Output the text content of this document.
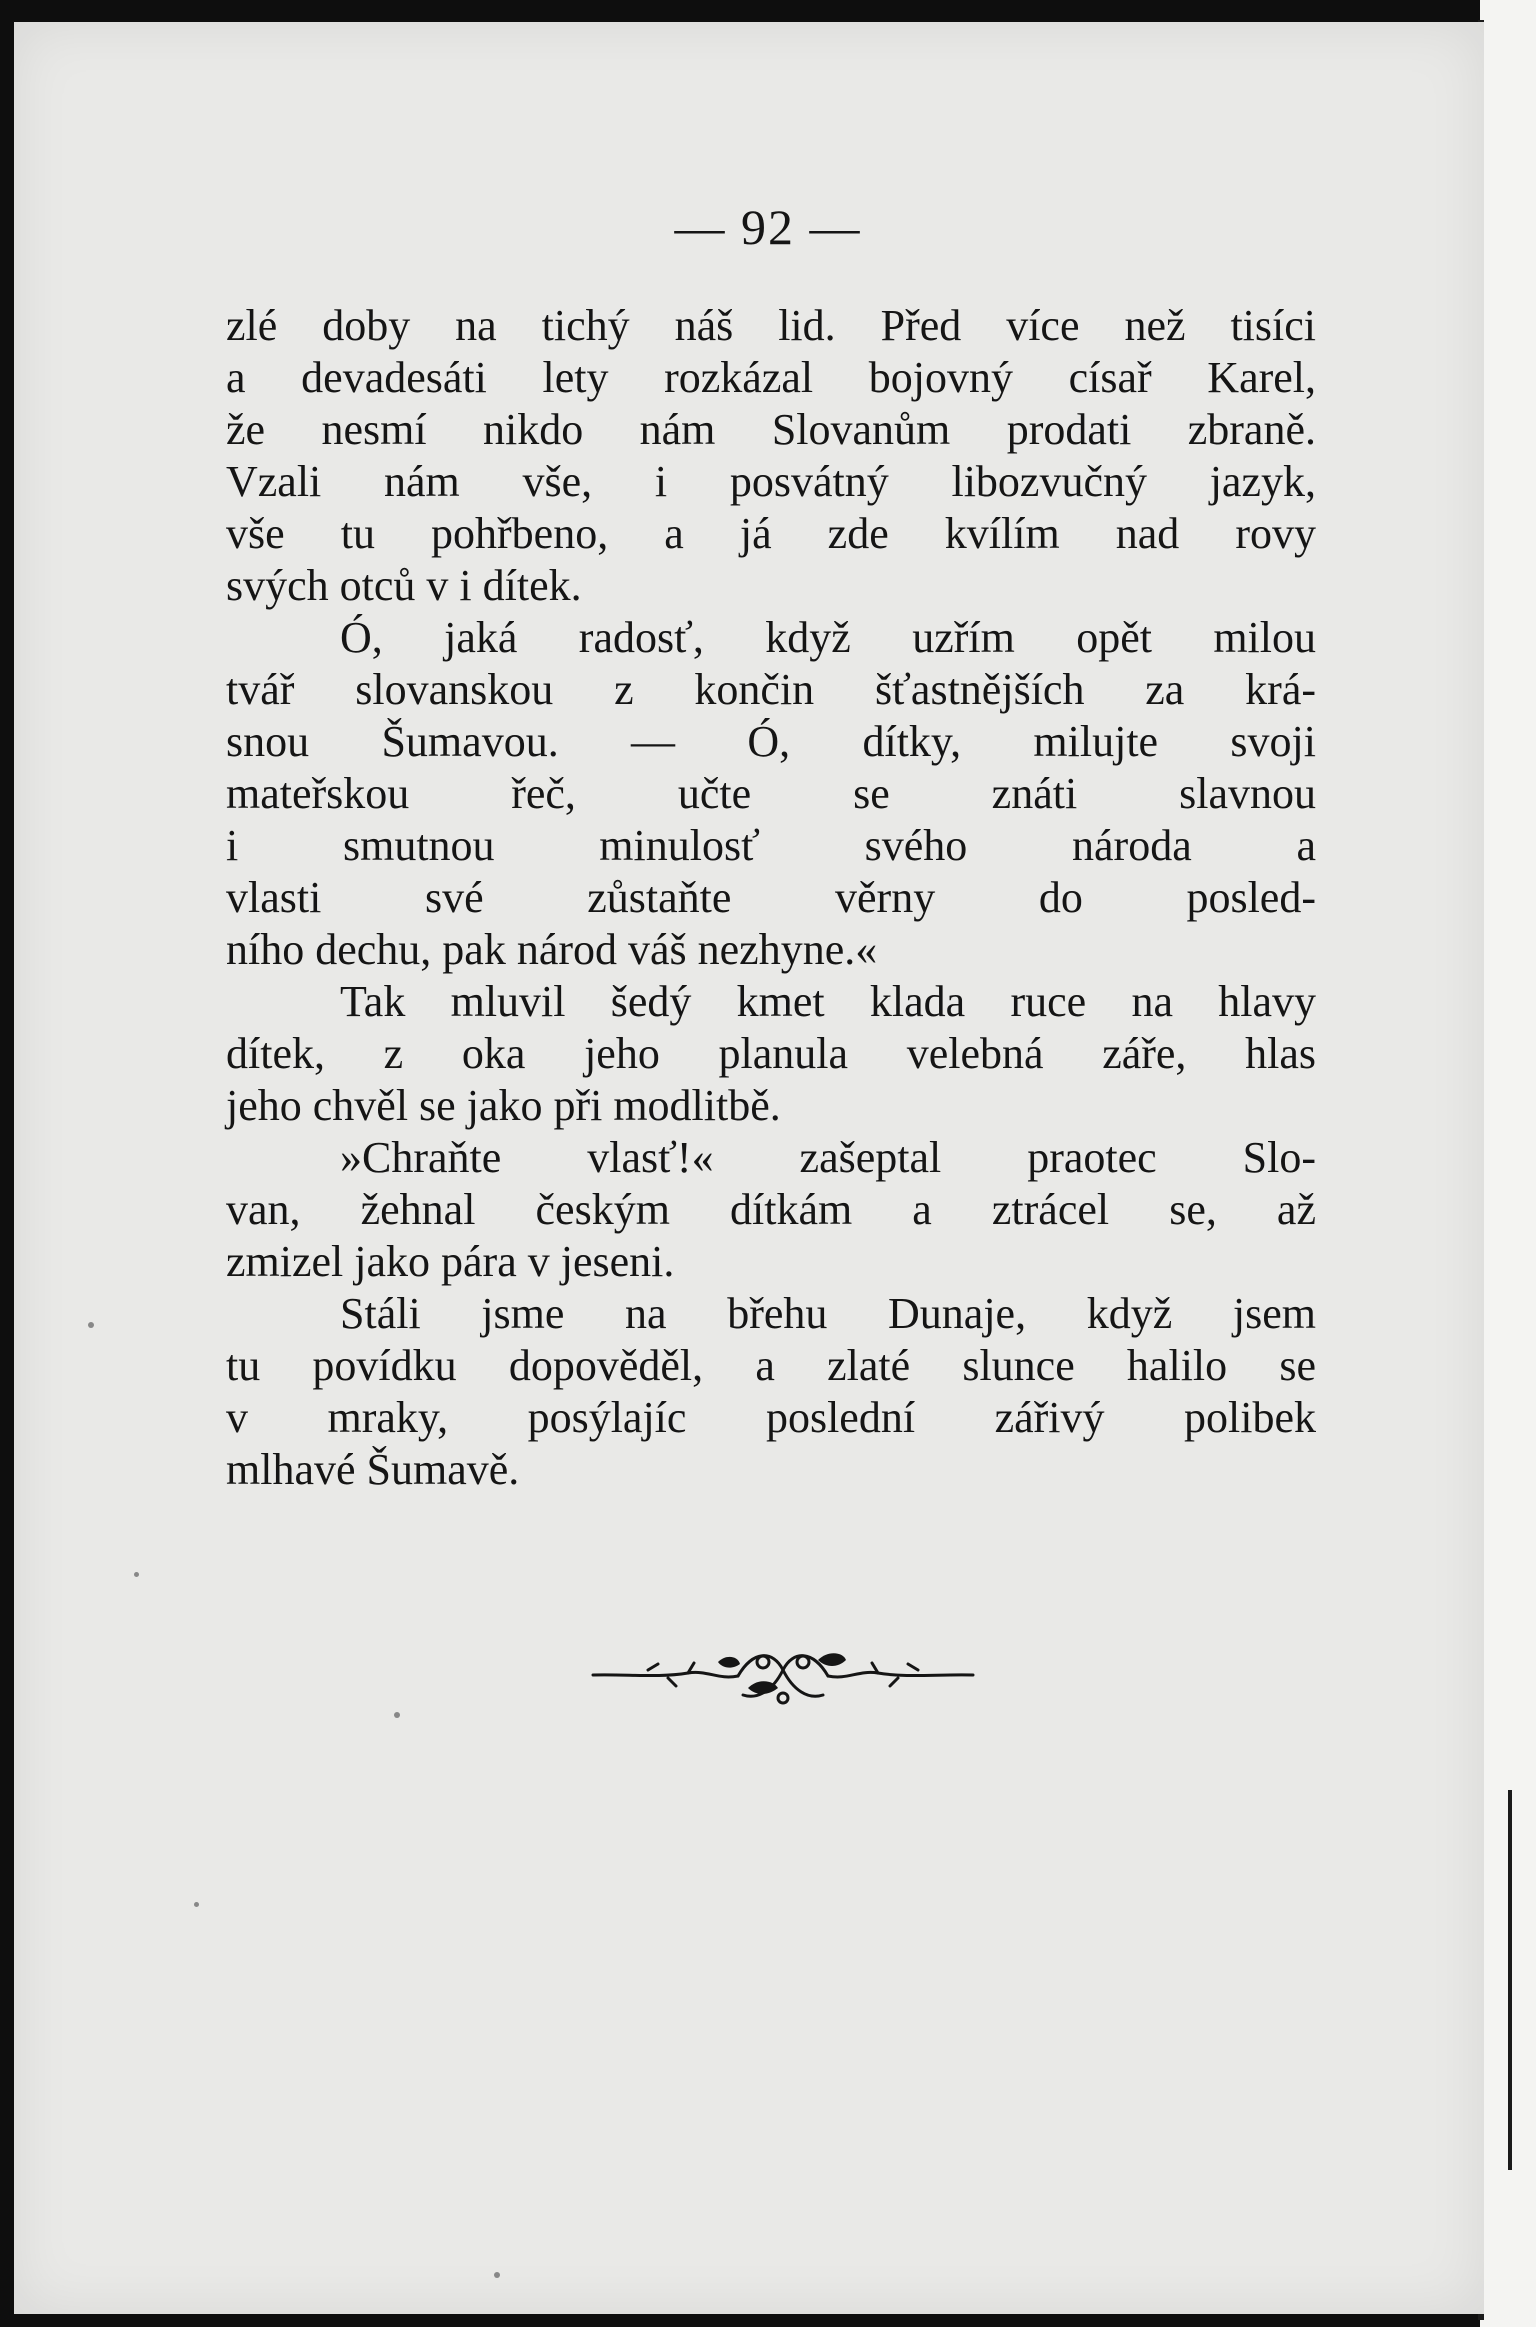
— 92 —
zlé doby na tichý náš lid. Před více než tisíci
a devadesáti lety rozkázal bojovný císař Karel,
že nesmí nikdo nám Slovanům prodati zbraně.
Vzali nám vše, i posvátný libozvučný jazyk,
vše tu pohřbeno, a já zde kvílím nad rovy
svých otců v i dítek.
Ó, jaká radosť, když uzřím opět milou
tvář slovanskou z končin šťastnějších za krá-
snou Šumavou. — Ó, dítky, milujte svoji
mateřskou řeč, učte se znáti slavnou
i smutnou minulosť svého národa a
vlasti své zůstaňte věrny do posled-
ního dechu, pak národ váš nezhyne.«
Tak mluvil šedý kmet klada ruce na hlavy
dítek, z oka jeho planula velebná záře, hlas
jeho chvěl se jako při modlitbě.
»Chraňte vlasť!« zašeptal praotec Slo-
van, žehnal českým dítkám a ztrácel se, až
zmizel jako pára v jeseni.
Stáli jsme na břehu Dunaje, když jsem
tu povídku dopověděl, a zlaté slunce halilo se
v mraky, posýlajíc poslední zářivý polibek
mlhavé Šumavě.
